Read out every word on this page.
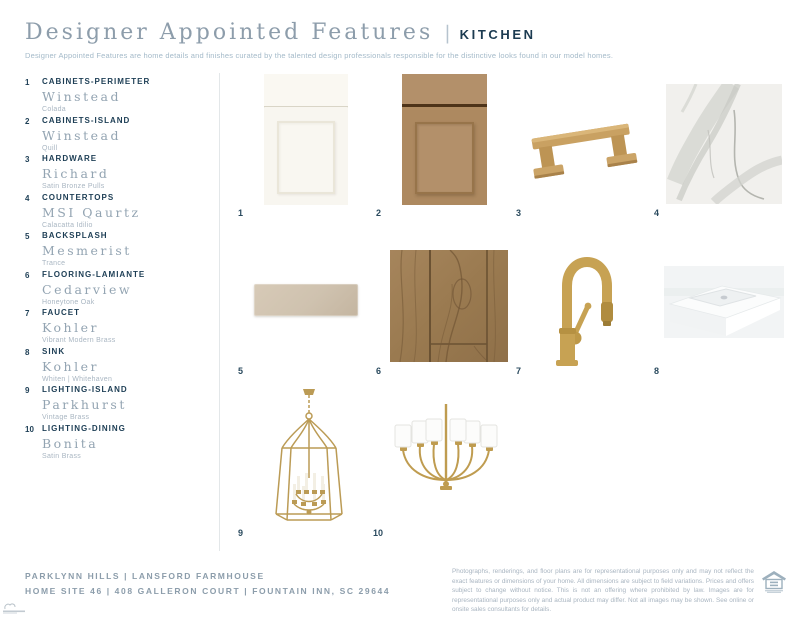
Designer Appointed Features | KITCHEN
Designer Appointed Features are home details and finishes curated by the talented design professionals responsible for the distinctive looks found in our model homes.
1	CABINETS-PERIMETER
Winstead
Colada
2	CABINETS-ISLAND
Winstead
Quill
3	HARDWARE
Richard
Satin Bronze Pulls
4	COUNTERTOPS
MSI Qaurtz
Calacatta Idilio
5	BACKSPLASH
Mesmerist
Trance
6	FLOORING-LAMIANTE
Cedarview
Honeytone Oak
7	FAUCET
Kohler
Vibrant Modern Brass
8	SINK
Kohler
Whiten | Whitehaven
9	LIGHTING-ISLAND
Parkhurst
Vintage Brass
10	LIGHTING-DINING
Bonita
Satin Brass
1	2	3	4
5	6	7	8
9	10
PARKLYNN HILLS | LANSFORD FARMHOUSE
HOME SITE 46 | 408 GALLERON COURT | FOUNTAIN INN, SC 29644
Photographs, renderings, and floor plans are for representational purposes only and may not reflect the exact features or dimensions of your home. All dimensions are subject to field variations. Prices and offers subject to change without notice. This is not an offering where prohibited by law. Images are for representational purposes only and actual product may differ. Not all images may be shown. See online or onsite sales consultants for details.
